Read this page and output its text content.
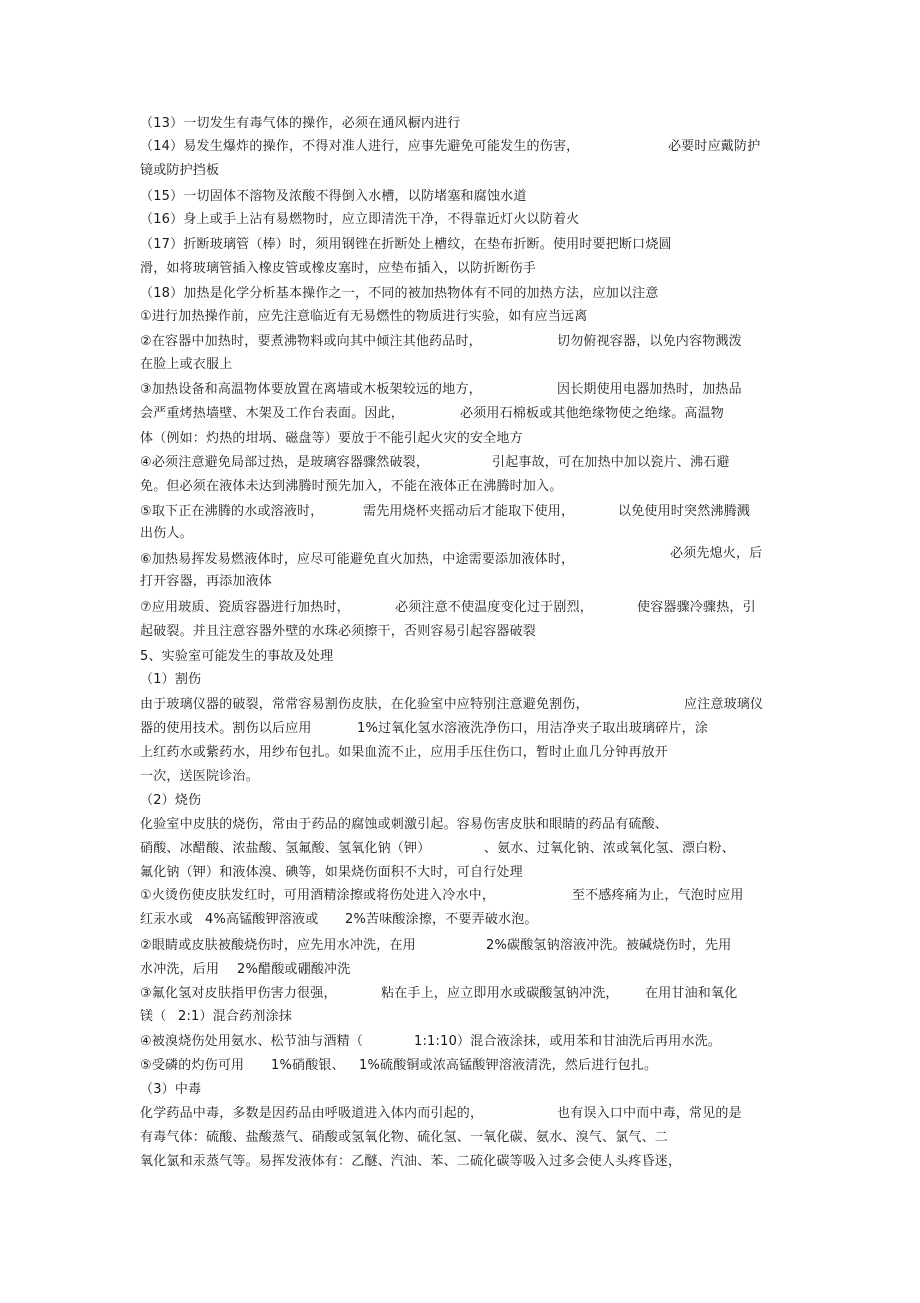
（13）一切发生有毒气体的操作，必须在通风橱内进行
（14）易发生爆炸的操作，不得对准人进行，应事先避免可能发生的伤害，	必要时应戴防护
镜或防护挡板
（15）一切固体不溶物及浓酸不得倒入水槽，以防堵塞和腐蚀水道
（16）身上或手上沾有易燃物时，应立即清洗干净，不得靠近灯火以防着火
（17）折断玻璃管（棒）时，须用钢锉在折断处上槽纹，在垫布折断。使用时要把断口烧圆
滑，如将玻璃管插入橡皮管或橡皮塞时，应垫布插入，以防折断伤手
（18）加热是化学分析基本操作之一，不同的被加热物体有不同的加热方法，应加以注意
①进行加热操作前，应先注意临近有无易燃性的物质进行实验，如有应当远离
②在容器中加热时，要煮沸物料或向其中倾注其他药品时，	切勿俯视容器，以免内容物溅泼
在脸上或衣服上
③加热设备和高温物体要放置在离墙或木板架较远的地方，	因长期使用电器加热时，加热品
会严重烤热墙壁、木架及工作台表面。因此，	必须用石棉板或其他绝缘物使之绝缘。高温物
体（例如：灼热的坩埚、磁盘等）要放于不能引起火灾的安全地方
④必须注意避免局部过热，是玻璃容器骤然破裂，	引起事故，可在加热中加以瓷片、沸石避
免。但必须在液体未达到沸腾时预先加入，不能在液体正在沸腾时加入。
⑤取下正在沸腾的水或溶液时，	需先用烧杯夹摇动后才能取下使用，	以免使用时突然沸腾溅
出伤人。
⑥加热易挥发易燃液体时，应尽可能避免直火加热，中途需要添加液体时，	必须先熄火，后
打开容器，再添加液体
⑦应用玻质、瓷质容器进行加热时，	必须注意不使温度变化过于剧烈，	使容器骤冷骤热，引
起破裂。并且注意容器外壁的水珠必须擦干，否则容易引起容器破裂
5、实验室可能发生的事故及处理
（1）割伤
由于玻璃仪器的破裂，常常容易割伤皮肤，在化验室中应特别注意避免割伤，	应注意玻璃仪
器的使用技术。割伤以后应用	1%过氧化氢水溶液洗净伤口，用洁净夹子取出玻璃碎片，涂
上红药水或紫药水，用纱布包扎。如果血流不止，应用手压住伤口，暂时止血几分钟再放开
一次，送医院诊治。
（2）烧伤
化验室中皮肤的烧伤，常由于药品的腐蚀或刺激引起。容易伤害皮肤和眼睛的药品有硫酸、
硝酸、冰醋酸、浓盐酸、氢氟酸、氢氧化钠（钾）	、氨水、过氧化钠、浓或氧化氢、漂白粉、
氟化钠（钾）和液体溴、碘等，如果烧伤面积不大时，可自行处理
①火烫伤使皮肤发红时，可用酒精涂擦或将伤处进入冷水中，	至不感疼痛为止，气泡时应用
红汞水或 4%高锰酸钾溶液或 2%苦味酸涂擦，不要弄破水泡。
②眼睛或皮肤被酸烧伤时，应先用水冲洗，在用	2%碳酸氢钠溶液冲洗。被碱烧伤时，先用
水冲洗，后用 2%醋酸或硼酸冲洗
③氟化氢对皮肤指甲伤害力很强，	粘在手上，应立即用水或碳酸氢钠冲洗， 在用甘油和氧化
镁（ 2:1）混合药剂涂抹
④被溴烧伤处用氨水、松节油与酒精（	1:1:10）混合液涂抹，或用苯和甘油洗后再用水洗。
⑤受磷的灼伤可用 1%硝酸银、 1%硫酸铜或浓高锰酸钾溶液清洗，然后进行包扎。
（3）中毒
化学药品中毒，多数是因药品由呼吸道进入体内而引起的，	也有误入口中而中毒，常见的是
有毒气体：硫酸、盐酸蒸气、硝酸或氢氧化物、硫化氢、一氧化碳、氨水、溴气、氯气、二
氧化氯和汞蒸气等。易挥发液体有：乙醚、汽油、苯、二硫化碳等吸入过多会使人头疼昏迷，
